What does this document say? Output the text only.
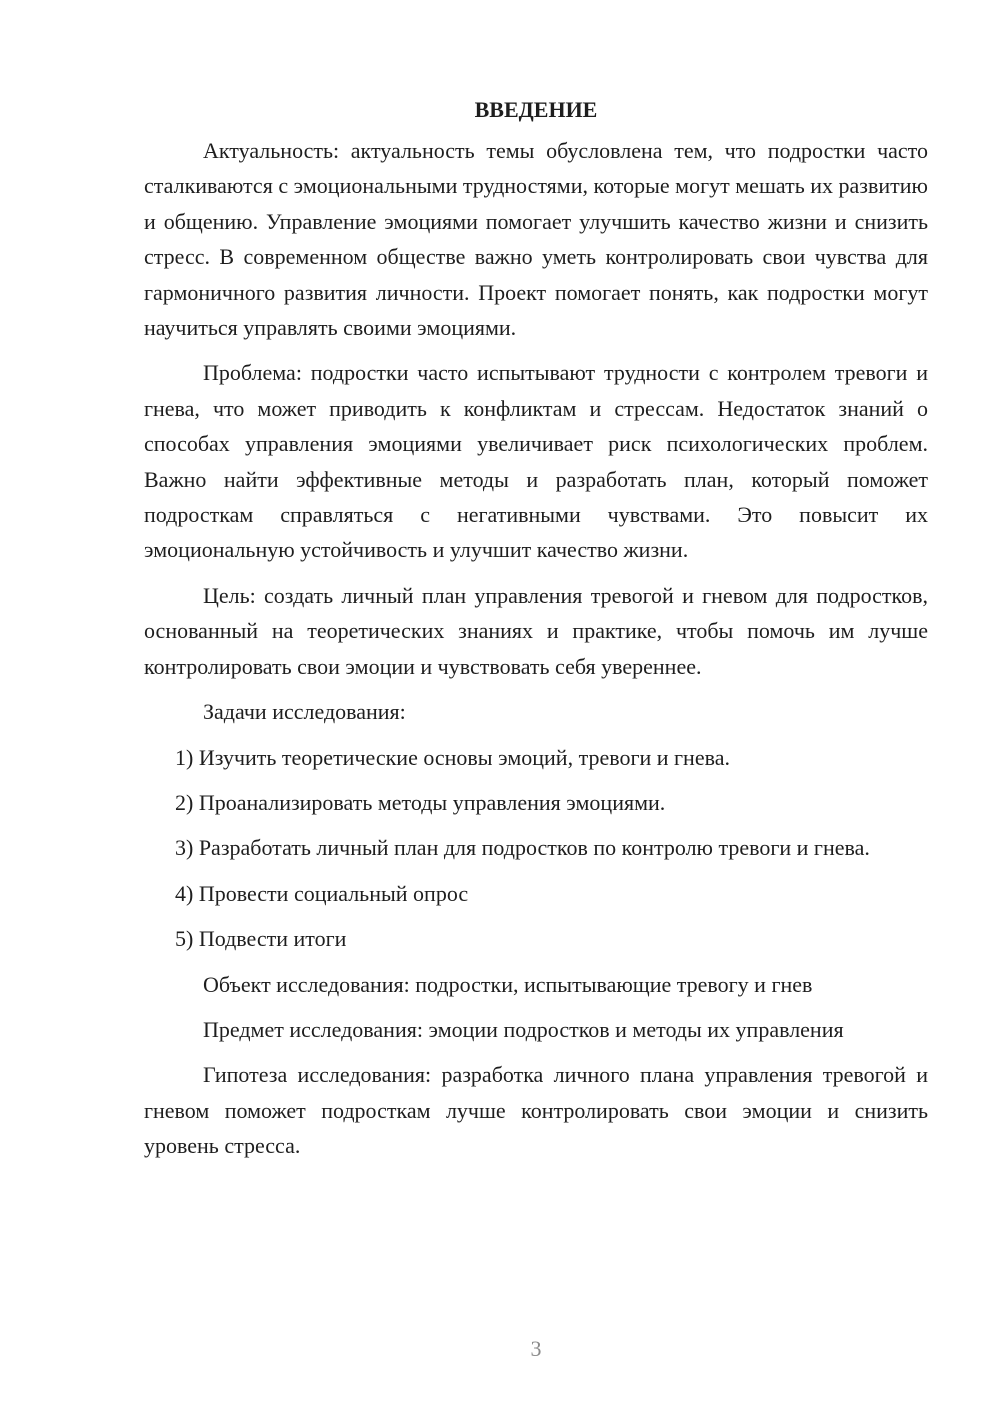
ВВЕДЕНИЕ

Актуальность: актуальность темы обусловлена тем, что подростки часто сталкиваются с эмоциональными трудностями, которые могут мешать их развитию и общению. Управление эмоциями помогает улучшить качество жизни и снизить стресс. В современном обществе важно уметь контролировать свои чувства для гармоничного развития личности. Проект помогает понять, как подростки могут научиться управлять своими эмоциями.

Проблема: подростки часто испытывают трудности с контролем тревоги и гнева, что может приводить к конфликтам и стрессам. Недостаток знаний о способах управления эмоциями увеличивает риск психологических проблем. Важно найти эффективные методы и разработать план, который поможет подросткам справляться с негативными чувствами. Это повысит их эмоциональную устойчивость и улучшит качество жизни.

Цель: создать личный план управления тревогой и гневом для подростков, основанный на теоретических знаниях и практике, чтобы помочь им лучше контролировать свои эмоции и чувствовать себя увереннее.

Задачи исследования:

1) Изучить теоретические основы эмоций, тревоги и гнева.

2) Проанализировать методы управления эмоциями.

3) Разработать личный план для подростков по контролю тревоги и гнева.

4) Провести социальный опрос

5) Подвести итоги

Объект исследования: подростки, испытывающие тревогу и гнев

Предмет исследования: эмоции подростков и методы их управления

Гипотеза исследования: разработка личного плана управления тревогой и гневом поможет подросткам лучше контролировать свои эмоции и снизить уровень стресса.

3
